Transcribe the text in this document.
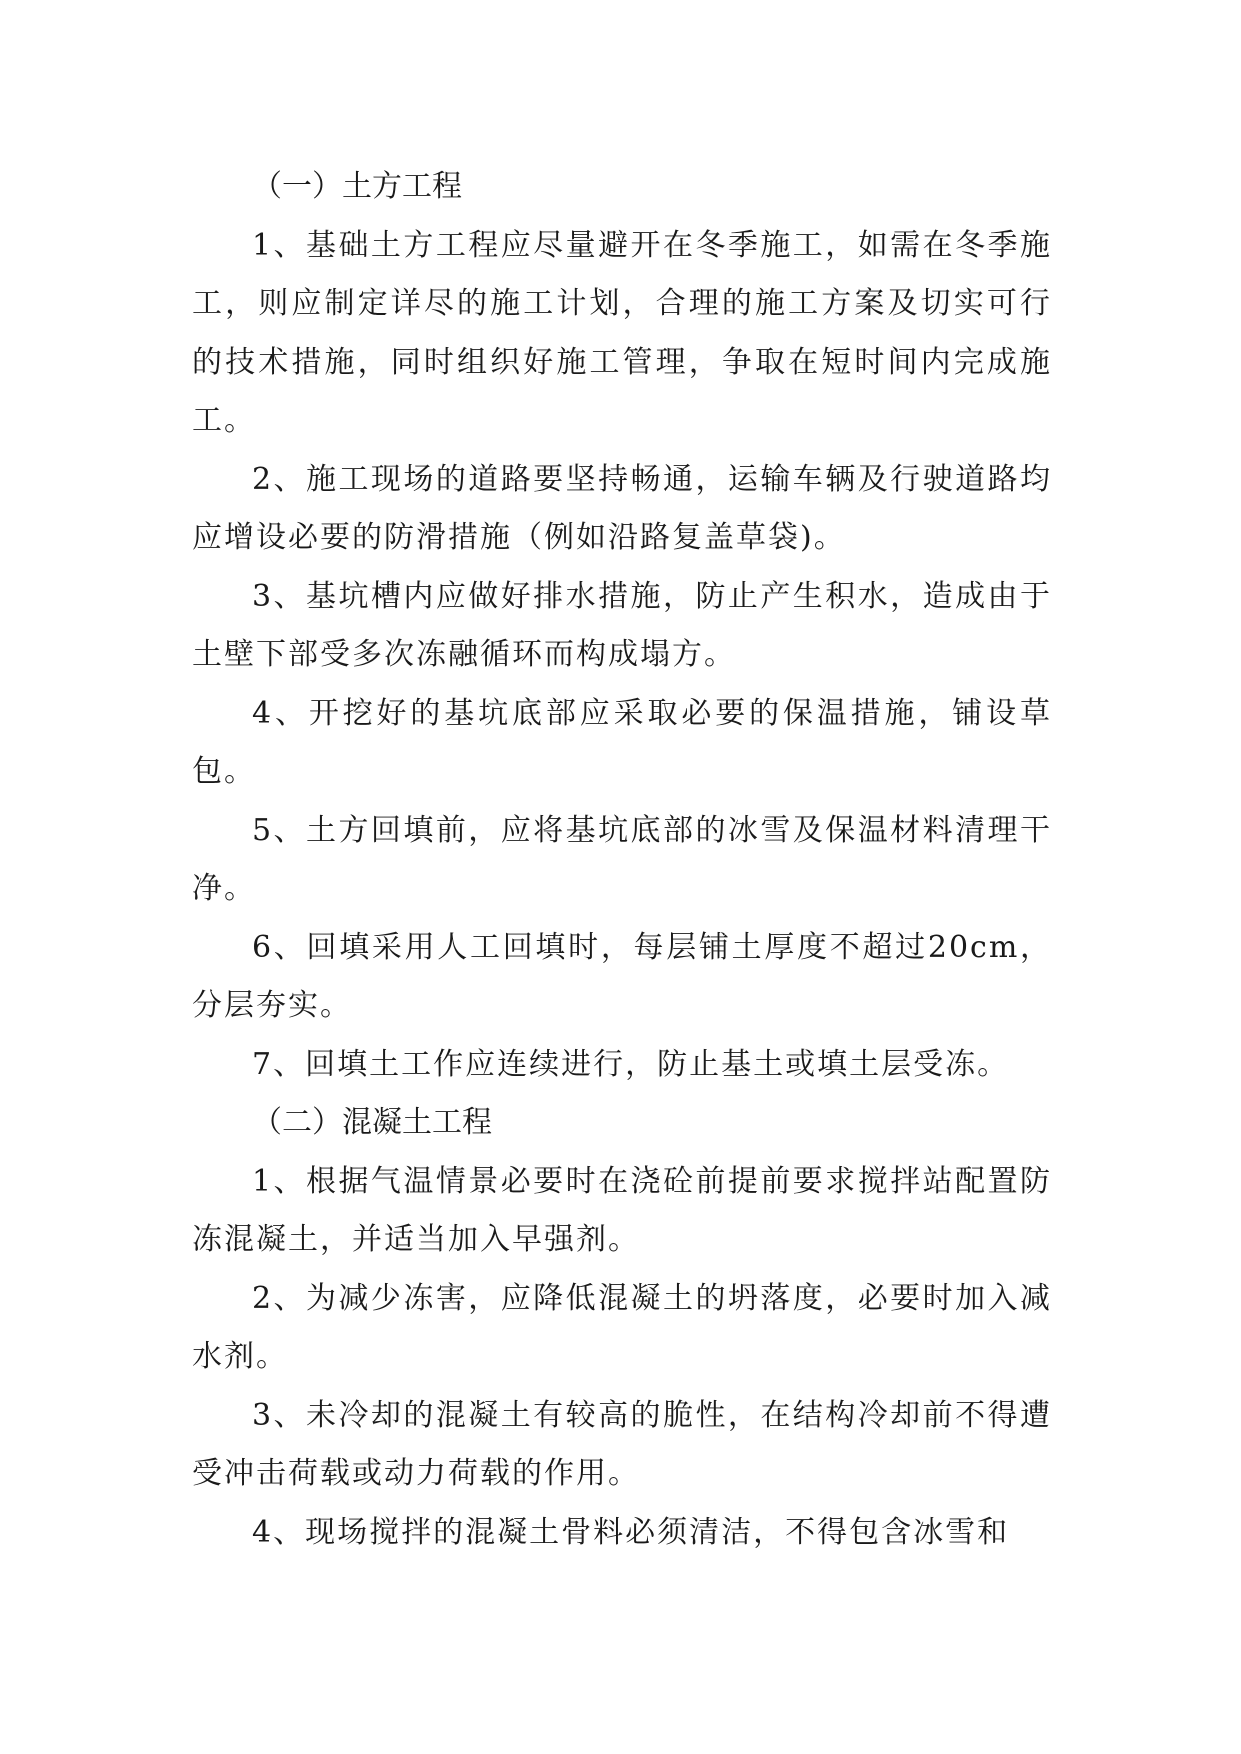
（一）土方工程

1、基础土方工程应尽量避开在冬季施工，如需在冬季施工，则应制定详尽的施工计划，合理的施工方案及切实可行的技术措施，同时组织好施工管理，争取在短时间内完成施工。

2、施工现场的道路要坚持畅通，运输车辆及行驶道路均应增设必要的防滑措施（例如沿路复盖草袋)。

3、基坑槽内应做好排水措施，防止产生积水，造成由于土壁下部受多次冻融循环而构成塌方。

4、开挖好的基坑底部应采取必要的保温措施，铺设草包。

5、土方回填前，应将基坑底部的冰雪及保温材料清理干净。

6、回填采用人工回填时，每层铺土厚度不超过20cm，分层夯实。

7、回填土工作应连续进行，防止基土或填土层受冻。

（二）混凝土工程

1、根据气温情景必要时在浇砼前提前要求搅拌站配置防冻混凝土，并适当加入早强剂。

2、为减少冻害，应降低混凝土的坍落度，必要时加入减水剂。

3、未冷却的混凝土有较高的脆性，在结构冷却前不得遭受冲击荷载或动力荷载的作用。

4、现场搅拌的混凝土骨料必须清洁，不得包含冰雪和
